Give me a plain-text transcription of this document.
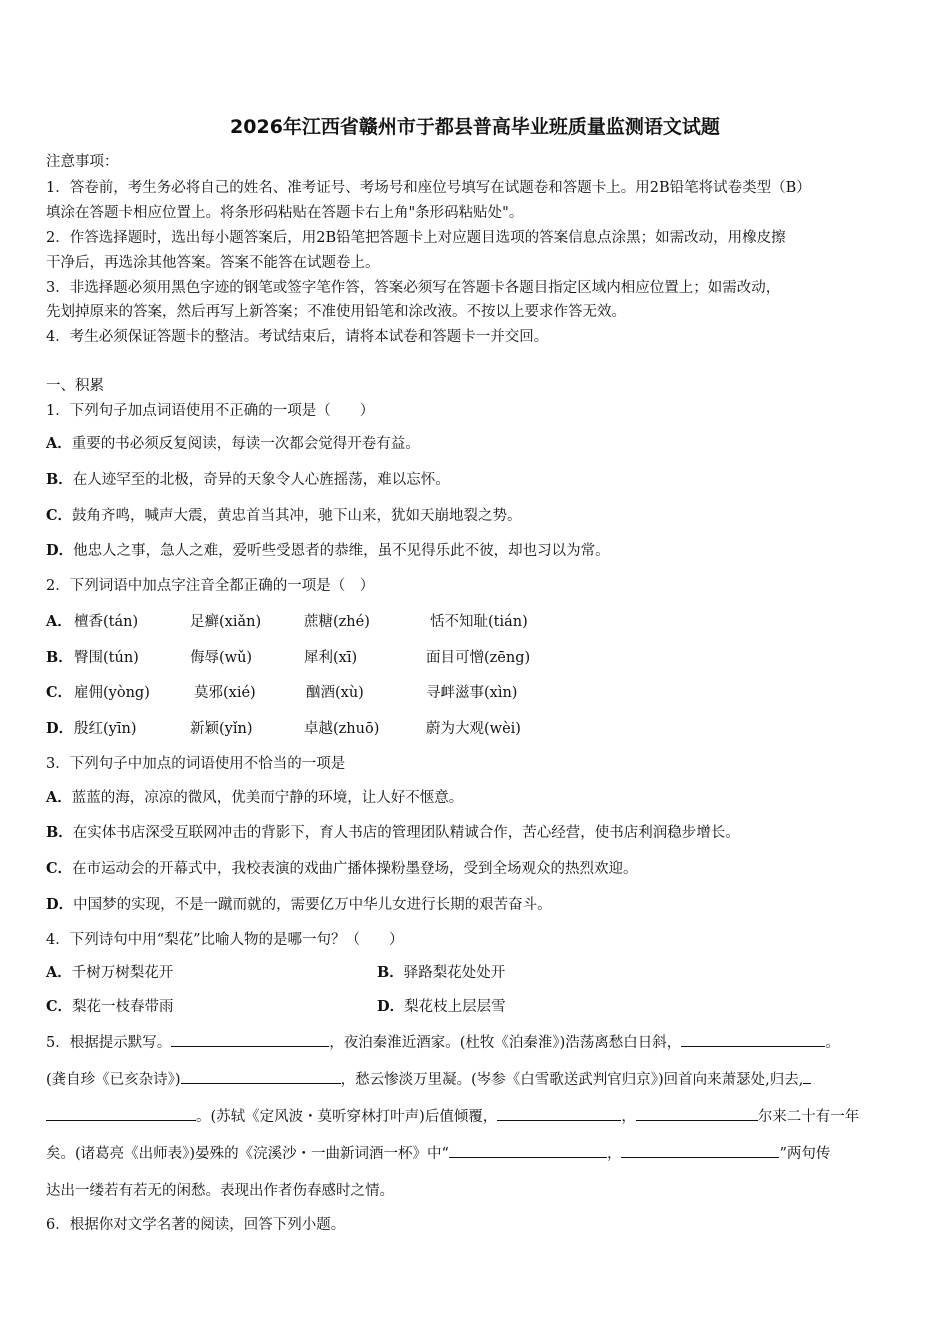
2026年江西省赣州市于都县普高毕业班质量监测语文试题
注意事项：
1．答卷前，考生务必将自己的姓名、准考证号、考场号和座位号填写在试题卷和答题卡上。用2B铅笔将试卷类型（B）
填涂在答题卡相应位置上。将条形码粘贴在答题卡右上角"条形码粘贴处"。
2．作答选择题时，选出每小题答案后，用2B铅笔把答题卡上对应题目选项的答案信息点涂黑；如需改动，用橡皮擦
干净后，再选涂其他答案。答案不能答在试题卷上。
3．非选择题必须用黑色字迹的钢笔或签字笔作答，答案必须写在答题卡各题目指定区域内相应位置上；如需改动，
先划掉原来的答案，然后再写上新答案；不准使用铅笔和涂改液。不按以上要求作答无效。
4．考生必须保证答题卡的整洁。考试结束后，请将本试卷和答题卡一并交回。
一、积累
1．下列句子加点词语使用不正确的一项是（　　）
A．重要的书必须反复阅读，每读一次都会觉得开卷有益。
B．在人迹罕至的北极，奇异的天象令人心旌摇荡，难以忘怀。
C．鼓角齐鸣，喊声大震，黄忠首当其冲，驰下山来，犹如天崩地裂之势。
D．他忠人之事，急人之难，爱听些受恩者的恭维，虽不见得乐此不彼，却也习以为常。
2．下列词语中加点字注音全都正确的一项是（　）
A． 檀香(tán)	足癣(xiǎn)	蔗糖(zhé)	恬不知耻(tián)
B． 臀围(tún)	侮辱(wǔ)	犀利(xī)	面目可憎(zēng)
C． 雇佣(yòng)	莫邪(xié)	酗酒(xù)	寻衅滋事(xìn)
D． 殷红(yīn)	新颖(yǐn)	卓越(zhuō)	蔚为大观(wèi)
3．下列句子中加点的词语使用不恰当的一项是
A．蓝蓝的海，凉凉的微风，优美而宁静的环境，让人好不惬意。
B．在实体书店深受互联网冲击的背影下，育人书店的管理团队精诚合作，苦心经营，使书店利润稳步增长。
C．在市运动会的开幕式中，我校表演的戏曲广播体操粉墨登场，受到全场观众的热烈欢迎。
D．中国梦的实现，不是一蹴而就的，需要亿万中华儿女进行长期的艰苦奋斗。
4．下列诗句中用“梨花”比喻人物的是哪一句？（　　）
A．千树万树梨花开	B．驿路梨花处处开
C．梨花一枝春带雨	D．梨花枝上层层雪
5．根据提示默写。	，夜泊秦淮近酒家。(杜牧《泊秦淮》)浩荡离愁白日斜，	。
(龚自珍《已亥杂诗》)	，愁云惨淡万里凝。(岑参《白雪歌送武判官归京》)回首向来萧瑟处,归去,
。(苏轼《定风波・莫听穿林打叶声)后值倾覆，	，	尔来二十有一年
矣。(诸葛亮《出师表》)晏殊的《浣溪沙・一曲新词酒一杯》中“	，	”两句传
达出一缕若有若无的闲愁。表现出作者伤春感时之情。
6．根据你对文学名著的阅读，回答下列小题。
